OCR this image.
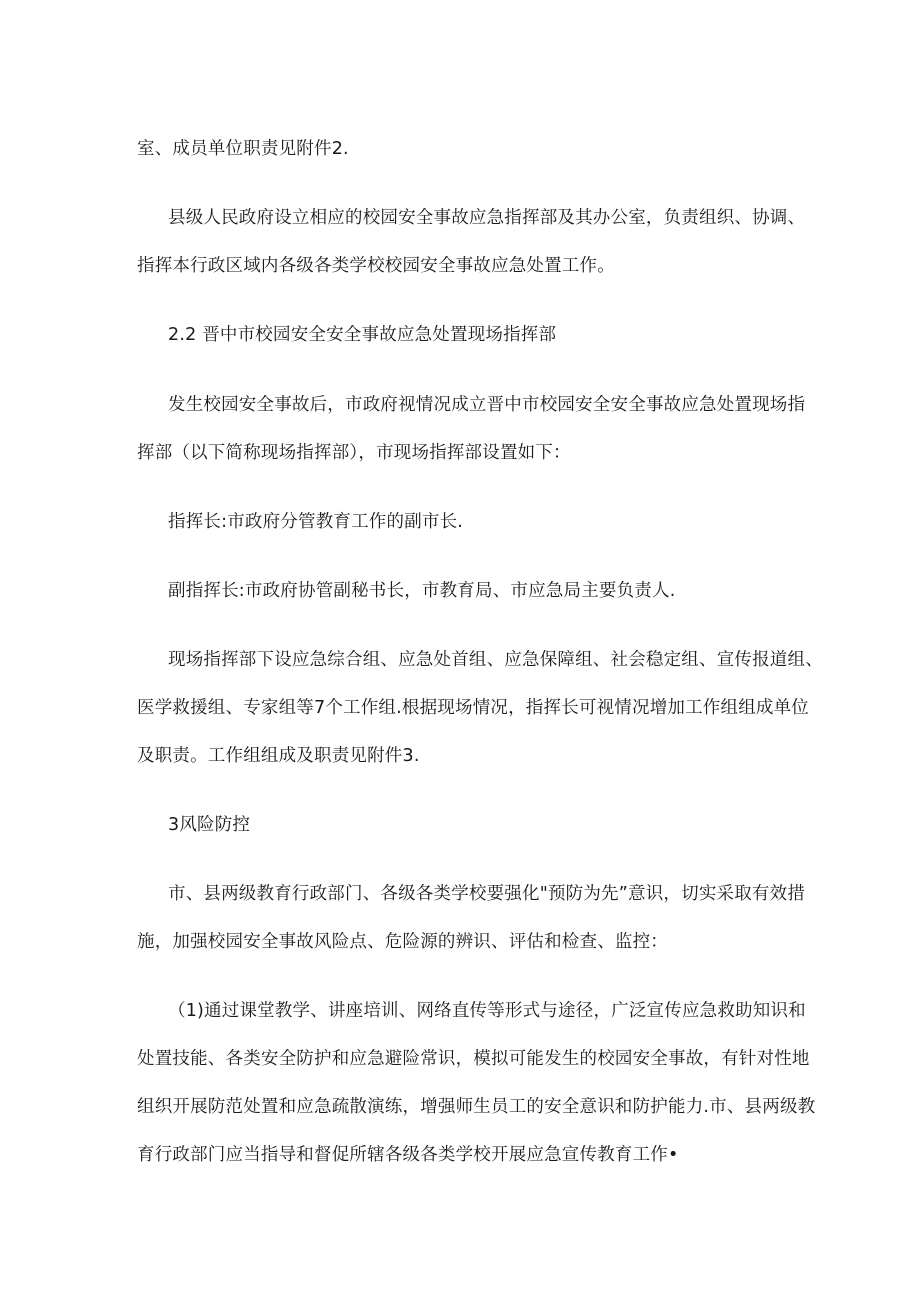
室、成员单位职责见附件2.
县级人民政府设立相应的校园安全事故应急指挥部及其办公室，负责组织、协调、
指挥本行政区域内各级各类学校校园安全事故应急处置工作。
2.2 晋中市校园安全安全事故应急处置现场指挥部
发生校园安全事故后，市政府视情况成立晋中市校园安全安全事故应急处置现场指
挥部（以下简称现场指挥部），市现场指挥部设置如下：
指挥长:市政府分管教育工作的副市长.
副指挥长:市政府协管副秘书长，市教育局、市应急局主要负责人.
现场指挥部下设应急综合组、应急处首组、应急保障组、社会稳定组、宣传报道组、
医学救援组、专家组等7个工作组.根据现场情况，指挥长可视情况增加工作组组成单位
及职责。工作组组成及职责见附件3.
3风险防控
市、县两级教育行政部门、各级各类学校要强化"预防为先”意识，切实采取有效措
施，加强校园安全事故风险点、危险源的辨识、评估和检查、监控：
（1)通过课堂教学、讲座培训、网络直传等形式与途径，广泛宣传应急救助知识和
处置技能、各类安全防护和应急避险常识，模拟可能发生的校园安全事故，有针对性地
组织开展防范处置和应急疏散演练，增强师生员工的安全意识和防护能力.市、县两级教
育行政部门应当指导和督促所辖各级各类学校开展应急宣传教育工作•
